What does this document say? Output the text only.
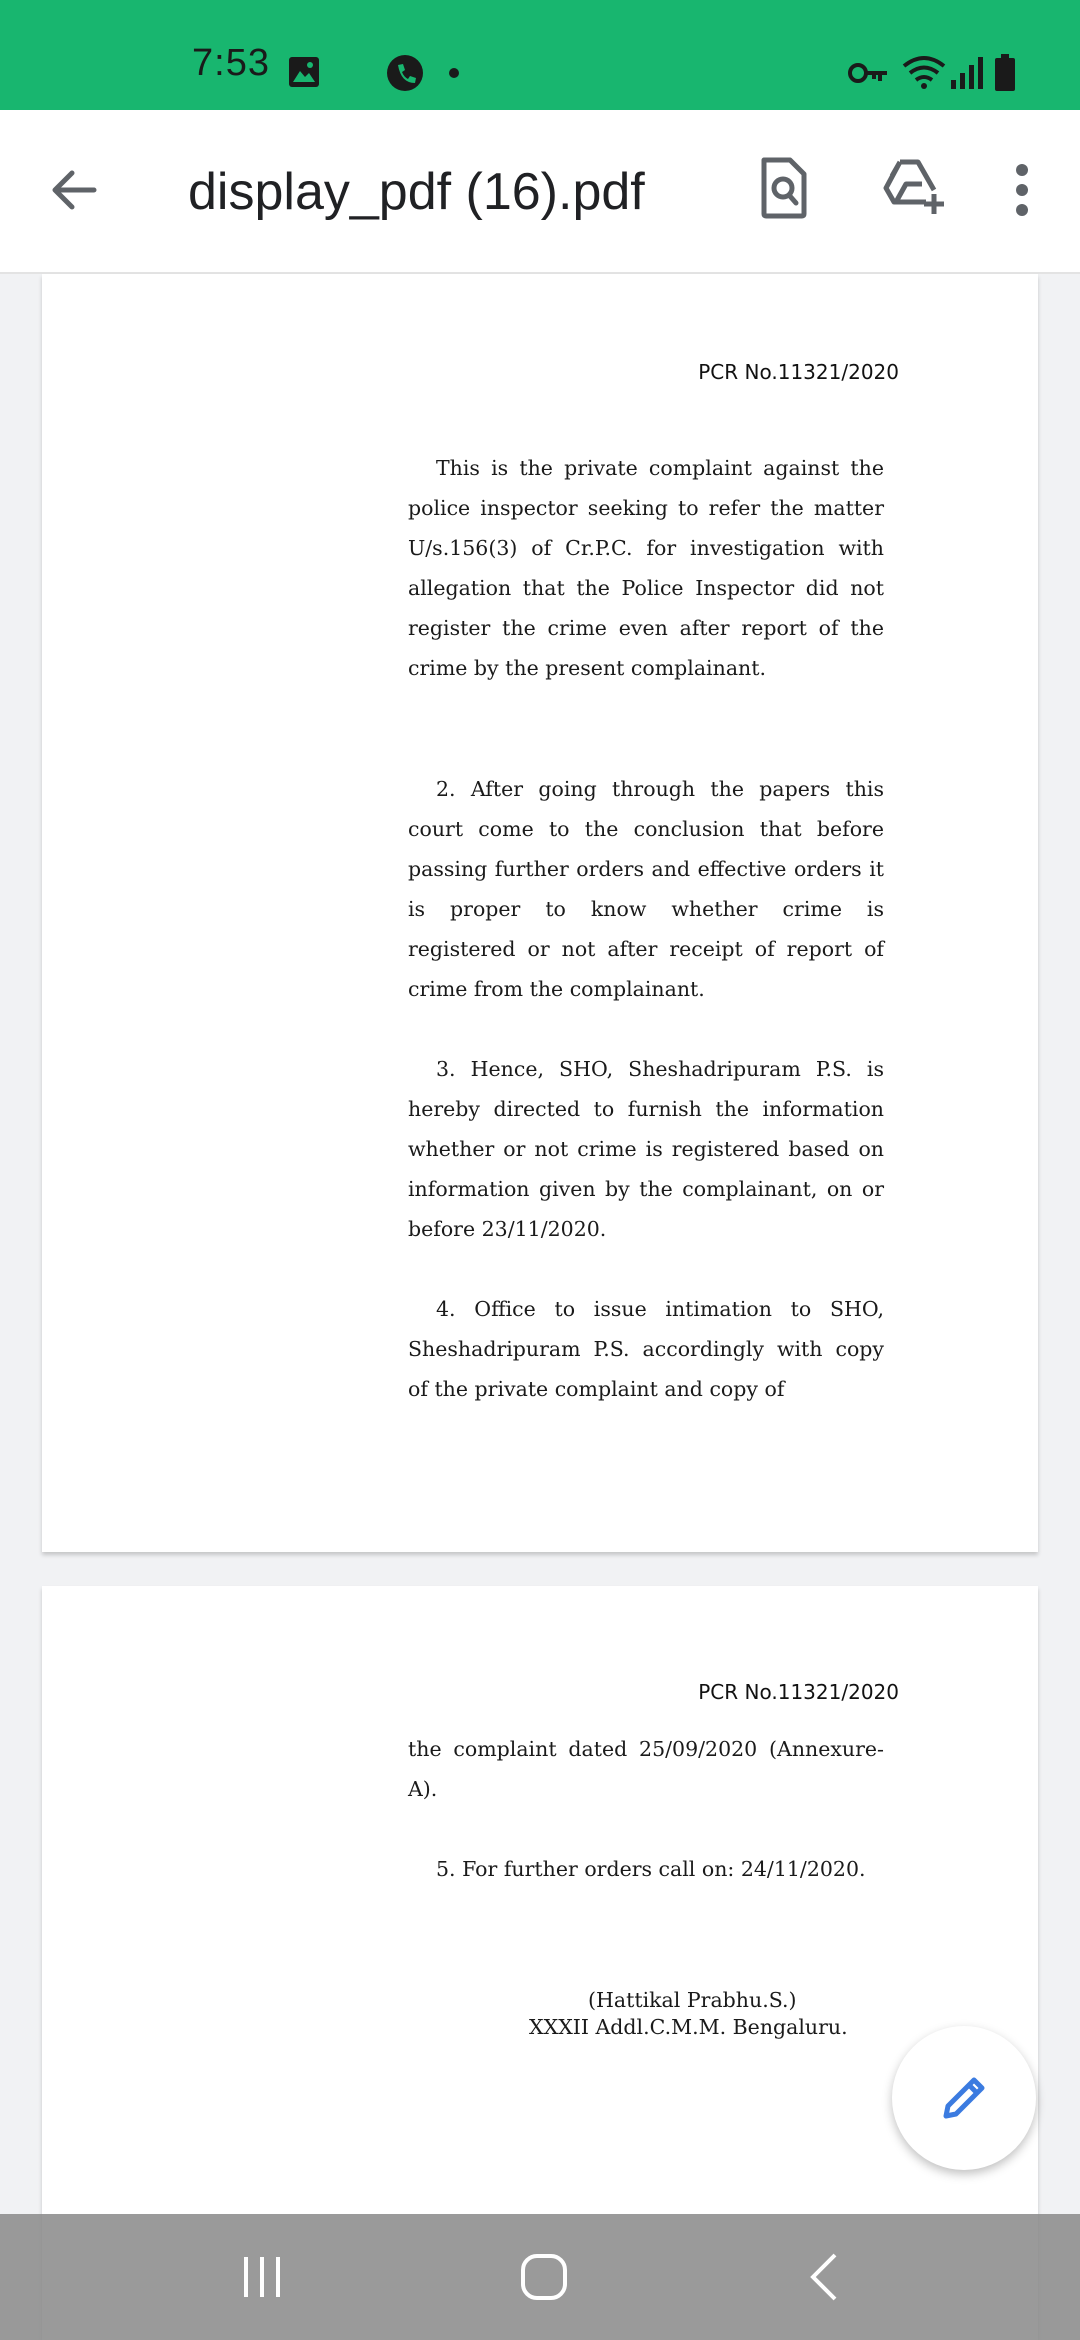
7:53
display_pdf (16).pdf
PCR No.11321/2020

This is the private complaint against the police inspector seeking to refer the matter U/s.156(3) of Cr.P.C. for investigation with allegation that the Police Inspector did not register the crime even after report of the crime by the present complainant.

2. After going through the papers this court come to the conclusion that before passing further orders and effective orders it is proper to know whether crime is registered or not after receipt of report of crime from the complainant.

3. Hence, SHO, Sheshadripuram P.S. is hereby directed to furnish the information whether or not crime is registered based on information given by the complainant, on or before 23/11/2020.

4. Office to issue intimation to SHO, Sheshadripuram P.S. accordingly with copy of the private complaint and copy of

PCR No.11321/2020

the complaint dated 25/09/2020 (Annexure-A).

5. For further orders call on: 24/11/2020.

(Hattikal Prabhu.S.)
XXXII Addl.C.M.M. Bengaluru.
